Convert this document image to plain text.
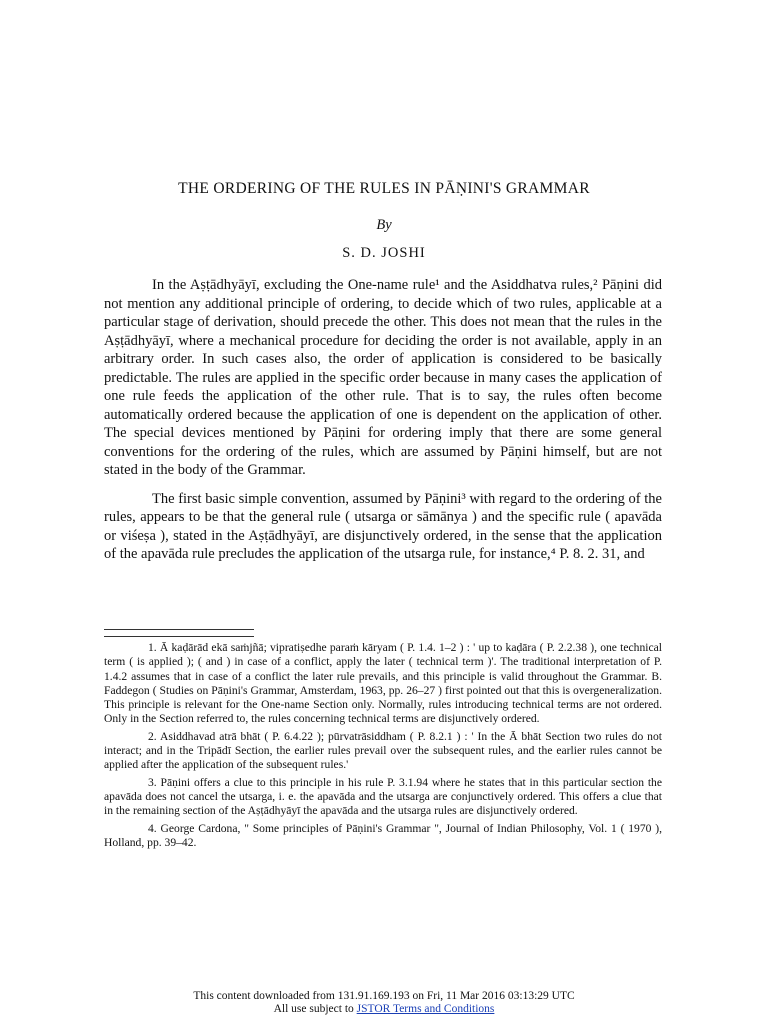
THE ORDERING OF THE RULES IN PĀṆINI'S GRAMMAR
By
S. D. JOSHI

In the Aṣṭādhyāyī, excluding the One-name rule¹ and the Asiddhatva rules,² Pāṇini did not mention any additional principle of ordering, to decide which of two rules, applicable at a particular stage of derivation, should precede the other. This does not mean that the rules in the Aṣṭādhyāyī, where a mechanical procedure for deciding the order is not available, apply in an arbitrary order. In such cases also, the order of application is considered to be basically predictable. The rules are applied in the specific order because in many cases the application of one rule feeds the application of the other rule. That is to say, the rules often become automatically ordered because the application of one is dependent on the application of other. The special devices mentioned by Pāṇini for ordering imply that there are some general conventions for the ordering of the rules, which are assumed by Pāṇini himself, but are not stated in the body of the Grammar.

The first basic simple convention, assumed by Pāṇini³ with regard to the ordering of the rules, appears to be that the general rule ( utsarga or sāmānya ) and the specific rule ( apavāda or viśeṣa ), stated in the Aṣṭādhyāyī, are disjunctively ordered, in the sense that the application of the apavāda rule precludes the application of the utsarga rule, for instance,⁴ P. 8. 2. 31, and

1. Ā kaḍārād ekā saṁjñā; vipratiṣedhe paraṁ kāryam ( P. 1.4. 1–2 ) : ' up to kaḍāra ( P. 2.2.38 ), one technical term ( is applied ); ( and ) in case of a conflict, apply the later ( technical term )'. The traditional interpretation of P. 1.4.2 assumes that in case of a conflict the later rule prevails, and this principle is valid throughout the Grammar. B. Faddegon ( Studies on Pāṇini's Grammar, Amsterdam, 1963, pp. 26–27 ) first pointed out that this is overgeneralization. This principle is relevant for the One-name Section only. Normally, rules introducing technical terms are not ordered. Only in the Section referred to, the rules concerning technical terms are disjunctively ordered.

2. Asiddhavad atrā bhāt ( P. 6.4.22 ); pūrvatrāsiddham ( P. 8.2.1 ) : ' In the Ā bhāt Section two rules do not interact; and in the Tripādī Section, the earlier rules prevail over the subsequent rules, and the earlier rules cannot be applied after the application of the subsequent rules.'

3. Pāṇini offers a clue to this principle in his rule P. 3.1.94 where he states that in this particular section the apavāda does not cancel the utsarga, i. e. the apavāda and the utsarga are conjunctively ordered. This offers a clue that in the remaining section of the Aṣṭādhyāyī the apavāda and the utsarga rules are disjunctively ordered.

4. George Cardona, " Some principles of Pāṇini's Grammar ", Journal of Indian Philosophy, Vol. 1 ( 1970 ), Holland, pp. 39–42.

This content downloaded from 131.91.169.193 on Fri, 11 Mar 2016 03:13:29 UTC
All use subject to JSTOR Terms and Conditions
